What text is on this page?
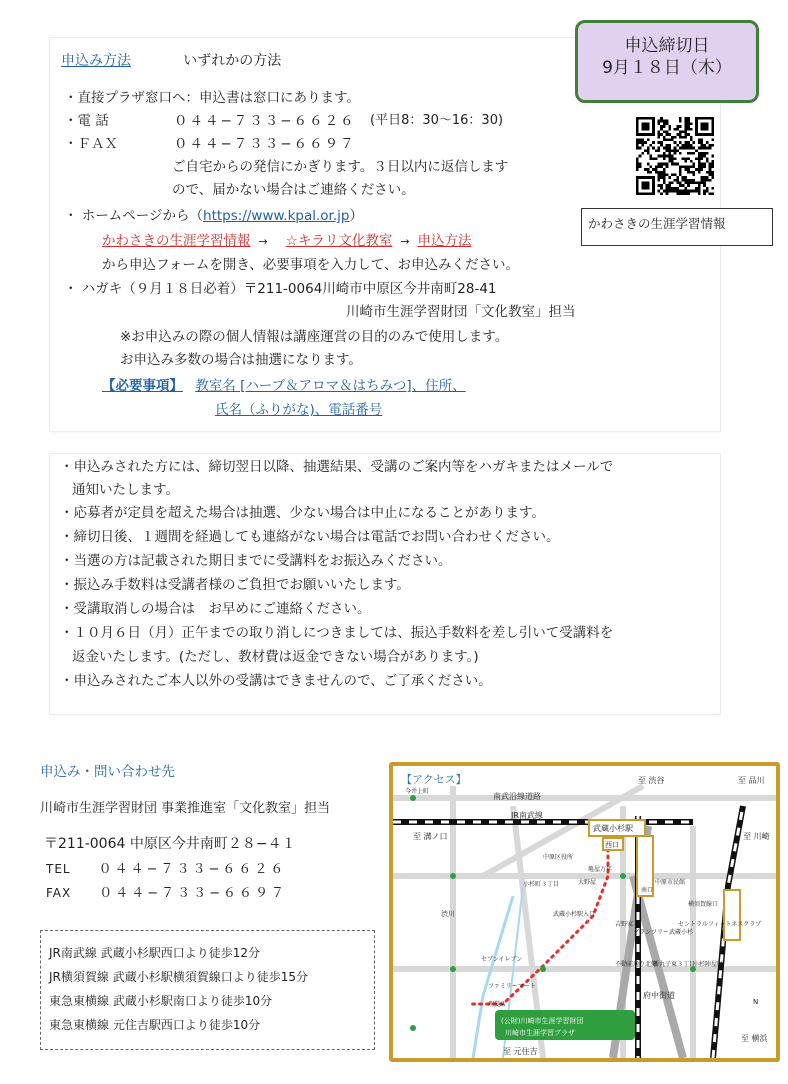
申込み方法	いずれかの方法
・直接プラザ窓口へ：申込書は窓口にあります。
・電 話	０４４−７３３−６６２６ (平日8：30〜16：30)
・ＦＡＸ	０４４−７３３−６６９７
ご自宅からの発信にかぎります。３日以内に返信します
ので、届かない場合はご連絡ください。
・ ホームページから（https://www.kpal.or.jp）
かわさきの生涯学習情報 → ☆キラリ文化教室 → 申込方法
から申込フォームを開き、必要事項を入力して、お申込みください。
・ ハガキ（９月１８日必着）〒211-0064川崎市中原区今井南町28-41
川崎市生涯学習財団「文化教室」担当
※お申込みの際の個人情報は講座運営の目的のみで使用します。
お申込み多数の場合は抽選になります。
【必要事項】 教室名 [ハーブ＆アロマ＆はちみつ]、住所、
氏名（ふりがな)、電話番号
申込締切日
9月１８日（木）
かわさきの生涯学習情報
・申込みされた方には、締切翌日以降、抽選結果、受講のご案内等をハガキまたはメールで
通知いたします。
・応募者が定員を超えた場合は抽選、少ない場合は中止になることがあります。
・締切日後、１週間を経過しても連絡がない場合は電話でお問い合わせください。
・当選の方は記載された期日までに受講料をお振込みください。
・振込み手数料は受講者様のご負担でお願いいたします。
・受講取消しの場合は　お早めにご連絡ください。
・１０月６日（月）正午までの取り消しにつきましては、振込手数料を差し引いて受講料を
返金いたします。(ただし、教材費は返金できない場合があります。)
・申込みされたご本人以外の受講はできませんので、ご了承ください。
申込み・問い合わせ先
川崎市生涯学習財団 事業推進室「文化教室」担当
〒211-0064 中原区今井南町２８−４１
TEL ０４４−７３３−６６２６
FAX ０４４−７３３−６６９７
JR南武線 武蔵小杉駅西口より徒歩12分
JR横須賀線 武蔵小杉駅横須賀線口より徒歩15分
東急東横線 武蔵小杉駅南口より徒歩10分
東急東横線 元住吉駅西口より徒歩10分
【アクセス】	至 渋谷	至 品川
今井上町
南武沿線道路
JR南武線
武蔵小杉駅
西口
至 溝ノ口	至 川崎
中原区役所
小杉町３丁目	大野屋
亀屋万年
中原市民館
南口
横須賀線口
渋川	武蔵小杉駅入口
吉野家
グランツリー武蔵小杉
セントラルフィットネスクラブ
セブンイレブン
ファミリーマート
理髪店
不動前通り北側
新丸子東３丁目
小杉陣屋町
府中街道
至 横浜
至 元住吉
N
(公財)川崎市生涯学習財団
川崎市生涯学習プラザ
